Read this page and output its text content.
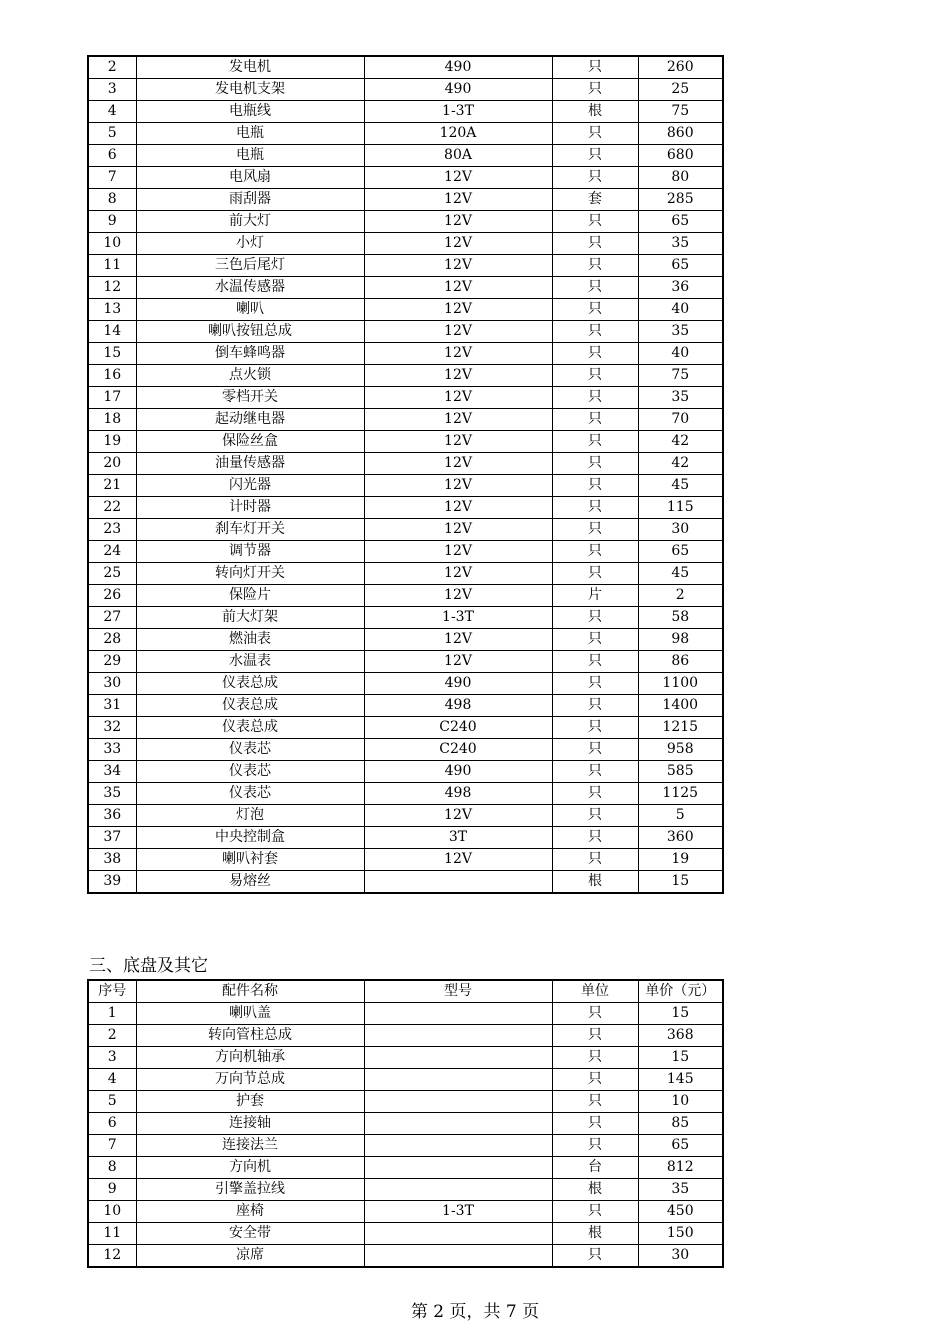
2	发电机	490	只	260
3	发电机支架	490	只	25
4	电瓶线	1-3T	根	75
5	电瓶	120A	只	860
6	电瓶	80A	只	680
7	电风扇	12V	只	80
8	雨刮器	12V	套	285
9	前大灯	12V	只	65
10	小灯	12V	只	35
11	三色后尾灯	12V	只	65
12	水温传感器	12V	只	36
13	喇叭	12V	只	40
14	喇叭按钮总成	12V	只	35
15	倒车蜂鸣器	12V	只	40
16	点火锁	12V	只	75
17	零档开关	12V	只	35
18	起动继电器	12V	只	70
19	保险丝盒	12V	只	42
20	油量传感器	12V	只	42
21	闪光器	12V	只	45
22	计时器	12V	只	115
23	刹车灯开关	12V	只	30
24	调节器	12V	只	65
25	转向灯开关	12V	只	45
26	保险片	12V	片	2
27	前大灯架	1-3T	只	58
28	燃油表	12V	只	98
29	水温表	12V	只	86
30	仪表总成	490	只	1100
31	仪表总成	498	只	1400
32	仪表总成	C240	只	1215
33	仪表芯	C240	只	958
34	仪表芯	490	只	585
35	仪表芯	498	只	1125
36	灯泡	12V	只	5
37	中央控制盒	3T	只	360
38	喇叭衬套	12V	只	19
39	易熔丝		根	15
三、底盘及其它
序号	配件名称	型号	单位	单价（元）
1	喇叭盖		只	15
2	转向管柱总成		只	368
3	方向机轴承		只	15
4	万向节总成		只	145
5	护套		只	10
6	连接轴		只	85
7	连接法兰		只	65
8	方向机		台	812
9	引擎盖拉线		根	35
10	座椅	1-3T	只	450
11	安全带		根	150
12	凉席		只	30
第 2 页，共 7 页
